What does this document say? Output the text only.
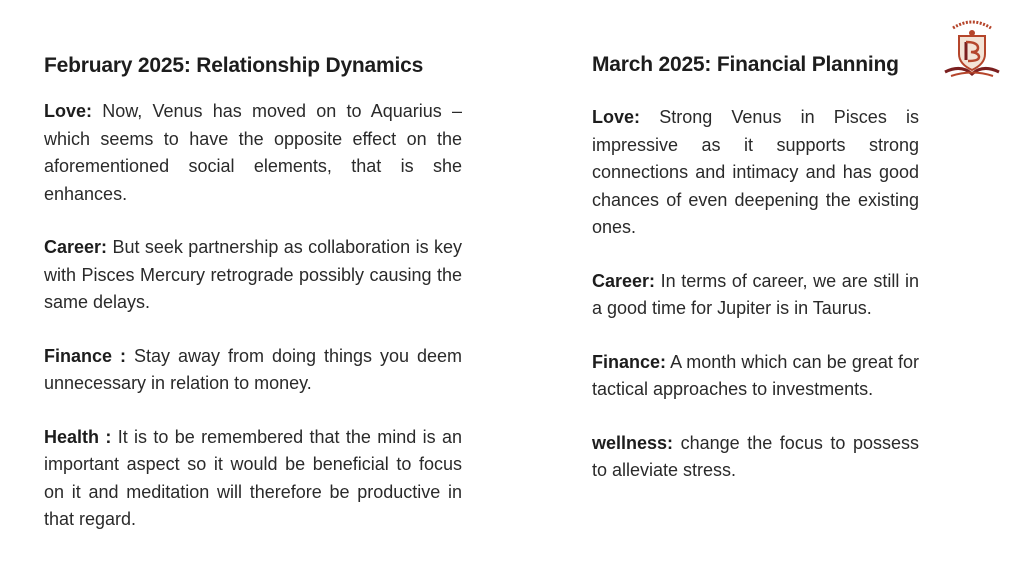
February 2025: Relationship Dynamics

Love: Now, Venus has moved on to Aquarius – which seems to have the opposite effect on the aforementioned social elements, that is she enhances.

Career: But seek partnership as collaboration is key with Pisces Mercury retrograde possibly causing the same delays.

Finance : Stay away from doing things you deem unnecessary in relation to money.

Health : It is to be remembered that the mind is an important aspect so it would be beneficial to focus on it and meditation will therefore be productive in that regard.

March 2025: Financial Planning

Love: Strong Venus in Pisces is impressive as it supports strong connections and intimacy and has good chances of even deepening the existing ones.

Career: In terms of career, we are still in a good time for Jupiter is in Taurus.

Finance: A month which can be great for tactical approaches to investments.

wellness: change the focus to possess to alleviate stress.
